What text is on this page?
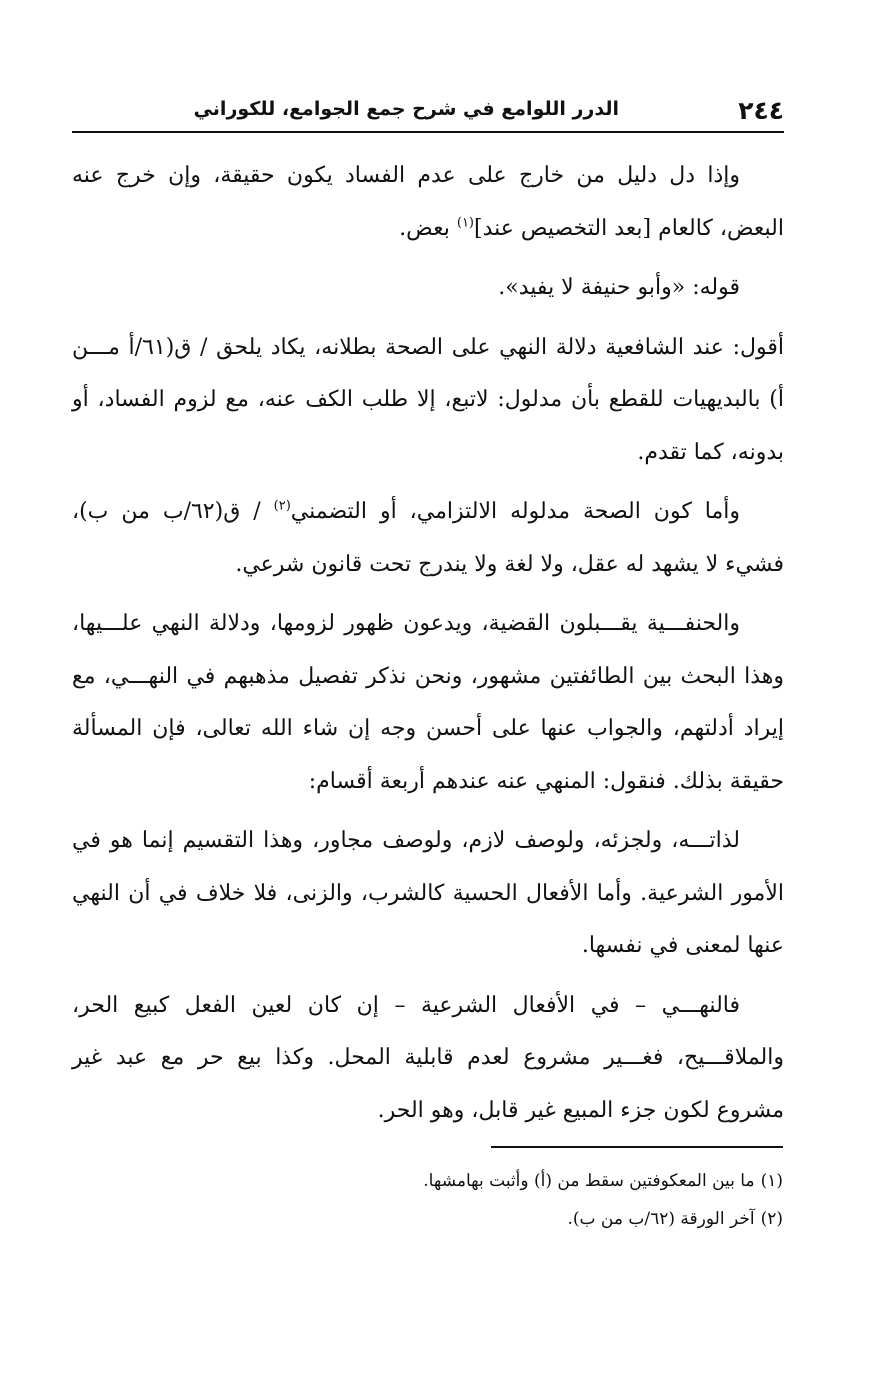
٢٤٤
الدرر اللوامع في شرح جمع الجوامع، للكوراني

وإذا دل دليل من خارج على عدم الفساد يكون حقيقة، وإن خرج عنه البعض، كالعام [بعد التخصيص عند]$^{(١)}$ بعض.

قوله: «وأبو حنيفة لا يفيد».

أقول: عند الشافعية دلالة النهي على الصحة بطلانه، يكاد يلحق / ق(٦١/أ مـــن أ) بالبديهيات للقطع بأن مدلول: لاتبع، إلا طلب الكف عنه، مع لزوم الفساد، أو بدونه، كما تقدم.

وأما كون الصحة مدلوله الالتزامي، أو التضمني$^{(٢)}$ / ق(٦٢/ب من ب)، فشيء لا يشهد له عقل، ولا لغة ولا يندرج تحت قانون شرعي.

والحنفـــية يقـــبلون القضية، ويدعون ظهور لزومها، ودلالة النهي علـــيها، وهذا البحث بين الطائفتين مشهور، ونحن نذكر تفصيل مذهبهم في النهـــي، مع إيراد أدلتهم، والجواب عنها على أحسن وجه إن شاء الله تعالى، فإن المسألة حقيقة بذلك. فنقول: المنهي عنه عندهم أربعة أقسام:

لذاتـــه، ولجزئه، ولوصف لازم، ولوصف مجاور، وهذا التقسيم إنما هو في الأمور الشرعية. وأما الأفعال الحسية كالشرب، والزنى، فلا خلاف في أن النهي عنها لمعنى في نفسها.

فالنهـــي – في الأفعال الشرعية – إن كان لعين الفعل كبيع الحر، والملاقـــيح، فغـــير مشروع لعدم قابلية المحل. وكذا بيع حر مع عبد غير مشروع لكون جزء المبيع غير قابل، وهو الحر.

(١)ما بين المعكوفتين سقط من (أ) وأثبت بهامشها.

(٢)آخر الورقة (٦٢/ب من ب).
